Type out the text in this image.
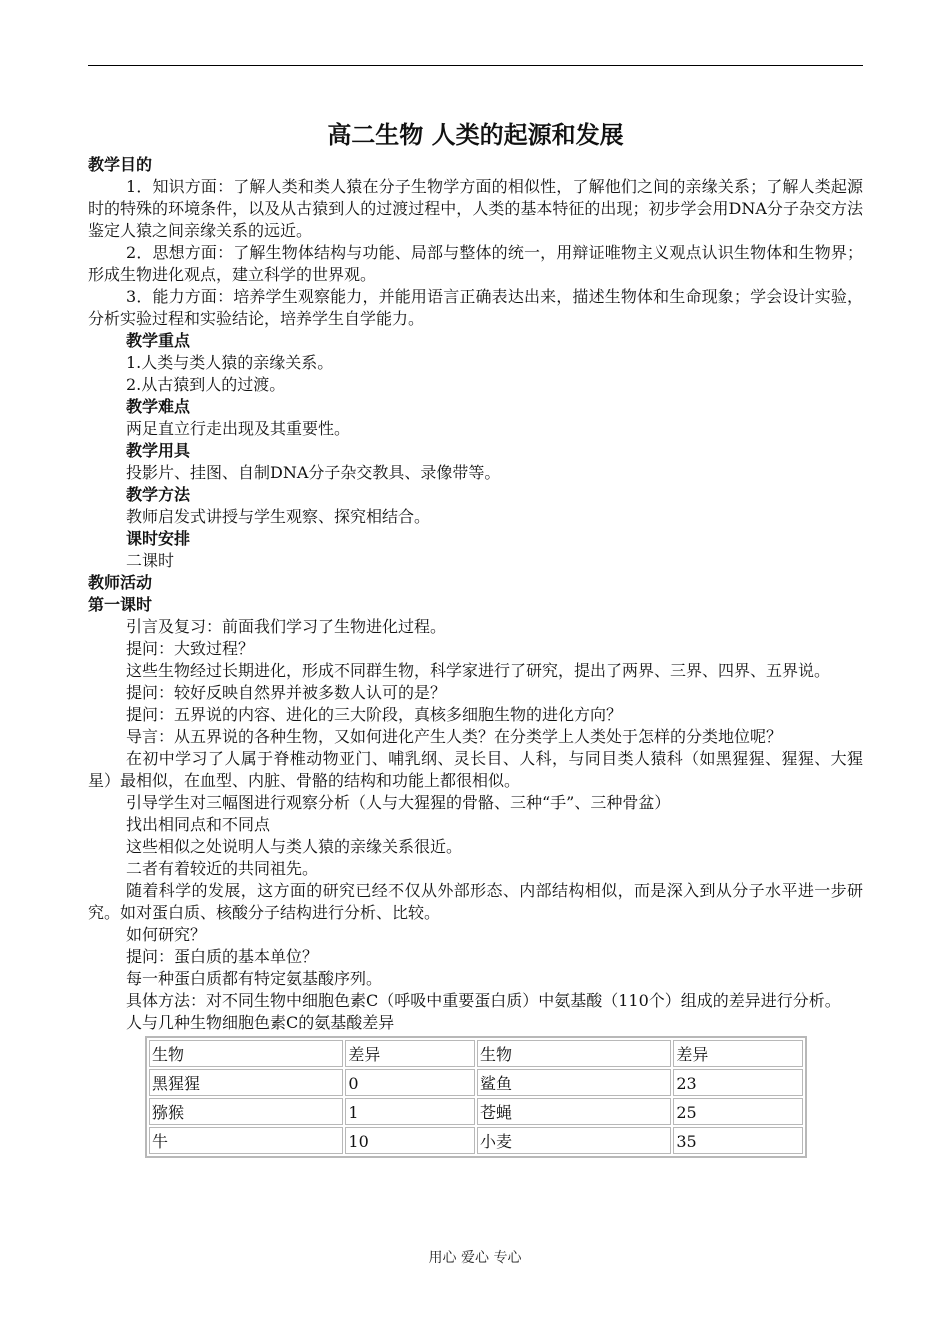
高二生物 人类的起源和发展
教学目的

1．知识方面：了解人类和类人猿在分子生物学方面的相似性，了解他们之间的亲缘关系；了解人类起源时的特殊的环境条件，以及从古猿到人的过渡过程中，人类的基本特征的出现；初步学会用DNA分子杂交方法鉴定人猿之间亲缘关系的远近。

2．思想方面：了解生物体结构与功能、局部与整体的统一，用辩证唯物主义观点认识生物体和生物界；形成生物进化观点，建立科学的世界观。

3．能力方面：培养学生观察能力，并能用语言正确表达出来，描述生物体和生命现象；学会设计实验，分析实验过程和实验结论，培养学生自学能力。

教学重点

1.人类与类人猿的亲缘关系。

2.从古猿到人的过渡。

教学难点

两足直立行走出现及其重要性。

教学用具

投影片、挂图、自制DNA分子杂交教具、录像带等。

教学方法

教师启发式讲授与学生观察、探究相结合。

课时安排

二课时

教师活动
第一课时

引言及复习：前面我们学习了生物进化过程。

提问：大致过程？

这些生物经过长期进化，形成不同群生物，科学家进行了研究，提出了两界、三界、四界、五界说。

提问：较好反映自然界并被多数人认可的是？

提问：五界说的内容、进化的三大阶段，真核多细胞生物的进化方向？

导言：从五界说的各种生物，又如何进化产生人类？在分类学上人类处于怎样的分类地位呢？

在初中学习了人属于脊椎动物亚门、哺乳纲、灵长目、人科，与同目类人猿科（如黑猩猩、猩猩、大猩星）最相似，在血型、内脏、骨骼的结构和功能上都很相似。

引导学生对三幅图进行观察分析（人与大猩猩的骨骼、三种“手”、三种骨盆）

找出相同点和不同点

这些相似之处说明人与类人猿的亲缘关系很近。

二者有着较近的共同祖先。

随着科学的发展，这方面的研究已经不仅从外部形态、内部结构相似，而是深入到从分子水平进一步研究。如对蛋白质、核酸分子结构进行分析、比较。

如何研究？

提问：蛋白质的基本单位？

每一种蛋白质都有特定氨基酸序列。

具体方法：对不同生物中细胞色素C（呼吸中重要蛋白质）中氨基酸（110个）组成的差异进行分析。

人与几种生物细胞色素C的氨基酸差异

生物	差异	生物	差异
黑猩猩	0	鲨鱼	23
猕猴	1	苍蝇	25
牛	10	小麦	35
用心 爱心 专心
